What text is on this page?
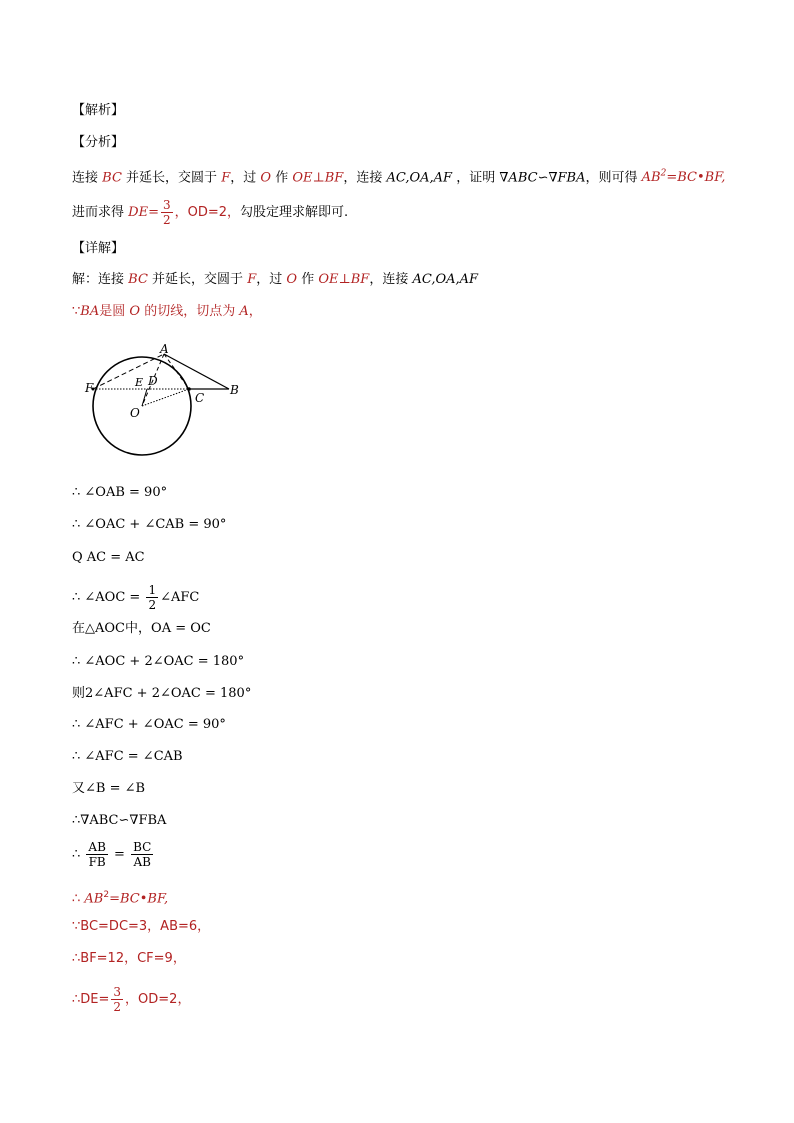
【解析】
【分析】
连接 BC 并延长，交圆于 F，过 O 作 OE⊥BF，连接 AC,OA,AF ，证明 ∇ABC∽∇FBA，则可得 $AB^2=BC•BF$,
进而求得 $DE= \frac{3}{2}$ ，OD=2，勾股定理求解即可.
【详解】
解：连接 BC 并延长，交圆于 F，过 O 作 OE⊥BF，连接 AC,OA,AF
∵BA是圆 O 的切线，切点为 A，
A
B
C
D
E
F
O
∴ ∠OAB = 90°
∴ ∠OAC + ∠CAB = 90°
Q AC = AC
∴ ∠AOC = $\frac{1}{2}$ ∠AFC
在△AOC中，OA = OC
∴ ∠AOC + 2∠OAC = 180°
则2∠AFC + 2∠OAC = 180°
∴ ∠AFC + ∠OAC = 90°
∴ ∠AFC = ∠CAB
又∠B = ∠B
∴∇ABC∽∇FBA
∴ $\frac{AB}{FB} = \frac{BC}{AB}$
∴ $AB^2=BC•BF$,
∵BC=DC=3，AB=6，
∴BF=12，CF=9，
∴DE= $\frac{3}{2}$ ，OD=2，
